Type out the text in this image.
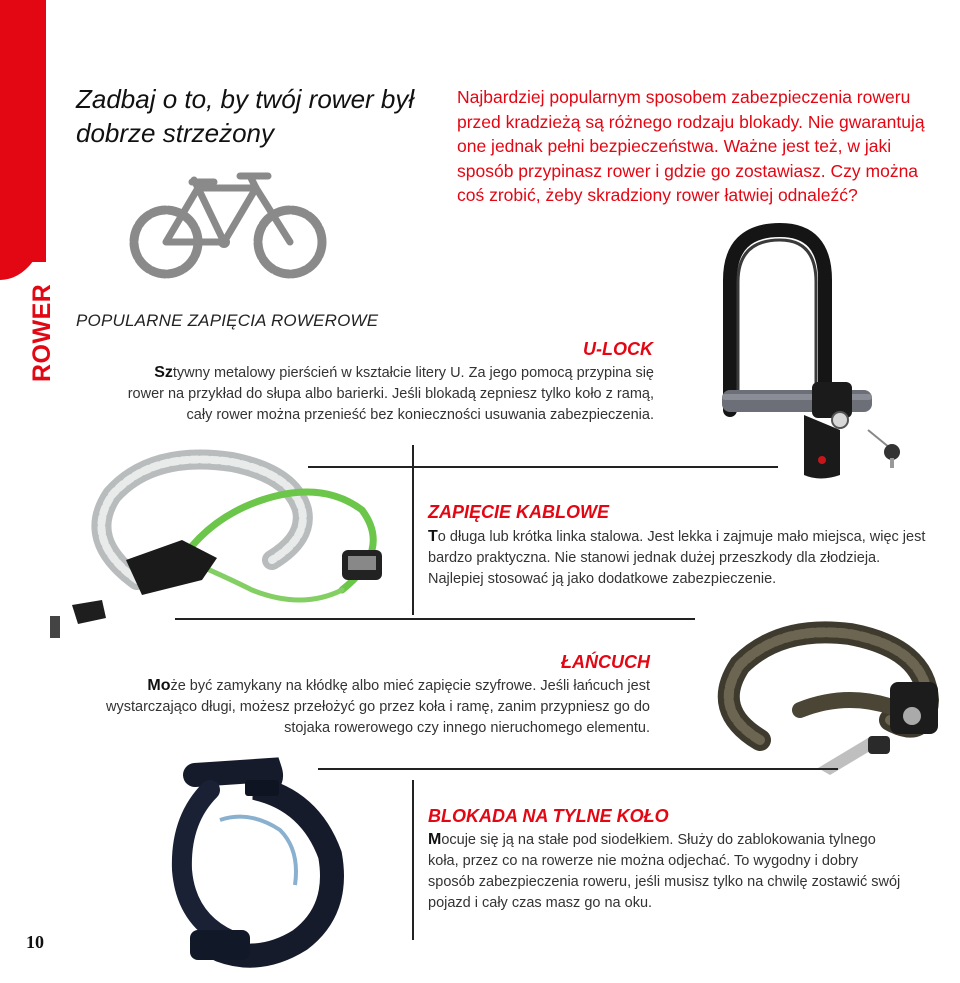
ROWER
Zadbaj o to, by twój rower był dobrze strzeżony
Najbardziej popularnym sposobem zabezpieczenia roweru przed kradzieżą są różnego rodzaju blokady. Nie gwarantują one jednak pełni bezpieczeństwa. Ważne jest też, w jaki sposób przypinasz rower i gdzie go zostawiasz. Czy można coś zrobić, żeby skradziony rower łatwiej odnaleźć?
POPULARNE ZAPIĘCIA ROWEROWE
U-LOCK
Sztywny metalowy pierścień w kształcie litery U. Za jego pomocą przypina się rower na przykład do słupa albo barierki. Jeśli blokadą zepniesz tylko koło z ramą, cały rower można przenieść bez konieczności usuwania zabezpieczenia.
ZAPIĘCIE KABLOWE
To długa lub krótka linka stalowa. Jest lekka i zajmuje mało miejsca, więc jest bardzo praktyczna. Nie stanowi jednak dużej przeszkody dla złodzieja. Najlepiej stosować ją jako dodatkowe zabezpieczenie.
ŁAŃCUCH
Może być zamykany na kłódkę albo mieć zapięcie szyfrowe. Jeśli łańcuch jest wystarczająco długi, możesz przełożyć go przez koła i ramę, zanim przypniesz go do stojaka rowerowego czy innego nieruchomego elementu.
BLOKADA NA TYLNE KOŁO
Mocuje się ją na stałe pod siodełkiem. Służy do zablokowania tylnego koła, przez co na rowerze nie można odjechać. To wygodny i dobry sposób zabezpieczenia roweru, jeśli musisz tylko na chwilę zostawić swój pojazd i cały czas masz go na oku.
10
